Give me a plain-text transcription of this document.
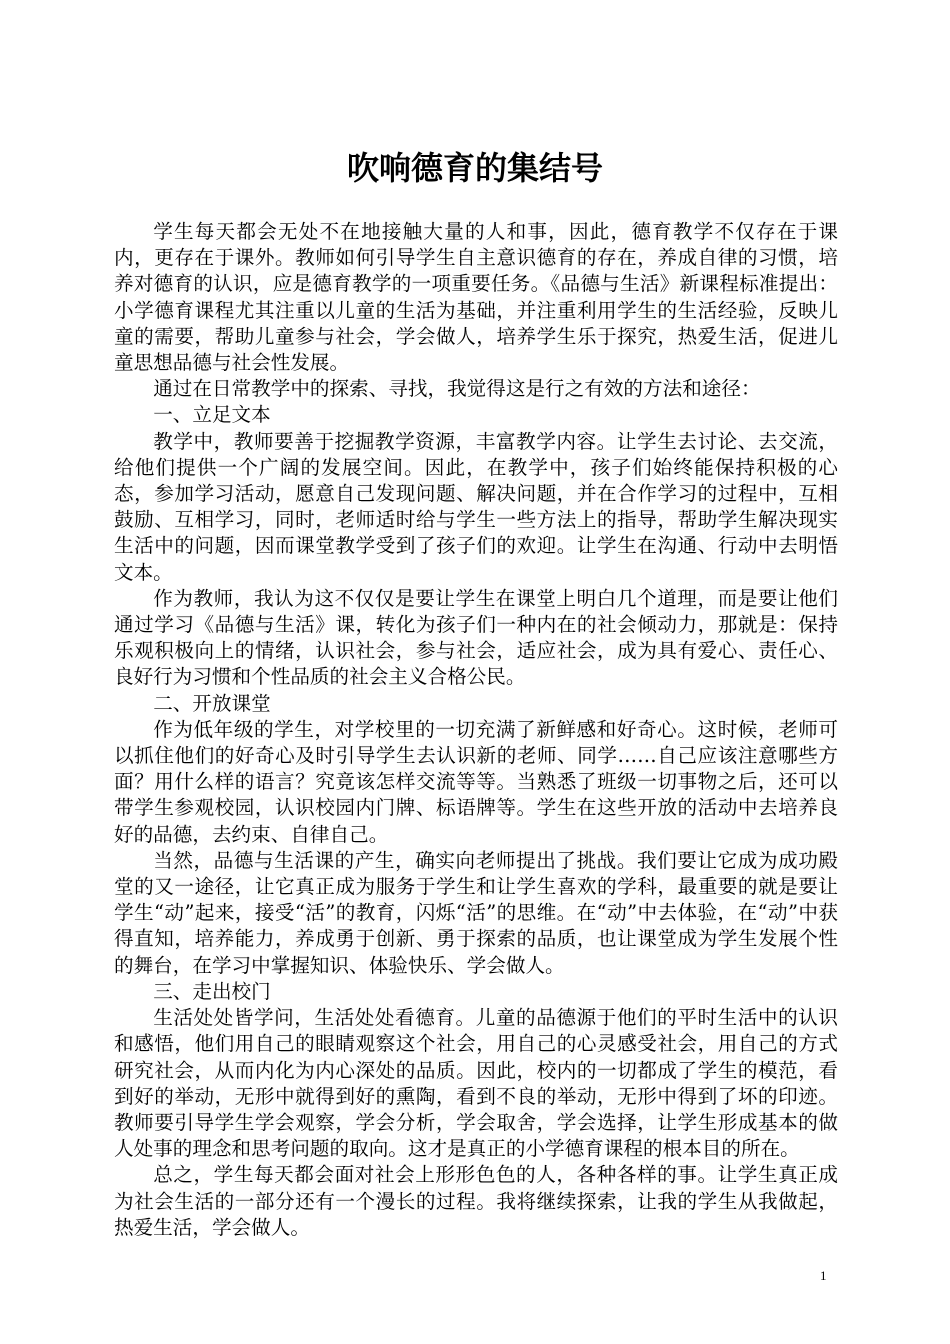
吹响德育的集结号

学生每天都会无处不在地接触大量的人和事，因此，德育教学不仅存在于课内，更存在于课外。教师如何引导学生自主意识德育的存在，养成自律的习惯，培养对德育的认识，应是德育教学的一项重要任务。《品德与生活》新课程标准提出：小学德育课程尤其注重以儿童的生活为基础，并注重利用学生的生活经验，反映儿童的需要，帮助儿童参与社会，学会做人，培养学生乐于探究，热爱生活，促进儿童思想品德与社会性发展。

通过在日常教学中的探索、寻找，我觉得这是行之有效的方法和途径：

一、立足文本

教学中，教师要善于挖掘教学资源，丰富教学内容。让学生去讨论、去交流，给他们提供一个广阔的发展空间。因此，在教学中，孩子们始终能保持积极的心态，参加学习活动，愿意自己发现问题、解决问题，并在合作学习的过程中，互相鼓励、互相学习，同时，老师适时给与学生一些方法上的指导，帮助学生解决现实生活中的问题，因而课堂教学受到了孩子们的欢迎。让学生在沟通、行动中去明悟文本。

作为教师，我认为这不仅仅是要让学生在课堂上明白几个道理，而是要让他们通过学习《品德与生活》课，转化为孩子们一种内在的社会倾动力，那就是：保持乐观积极向上的情绪，认识社会，参与社会，适应社会，成为具有爱心、责任心、良好行为习惯和个性品质的社会主义合格公民。

二、开放课堂

作为低年级的学生，对学校里的一切充满了新鲜感和好奇心。这时候，老师可以抓住他们的好奇心及时引导学生去认识新的老师、同学……自己应该注意哪些方面？用什么样的语言？究竟该怎样交流等等。当熟悉了班级一切事物之后，还可以带学生参观校园，认识校园内门牌、标语牌等。学生在这些开放的活动中去培养良好的品德，去约束、自律自己。

当然，品德与生活课的产生，确实向老师提出了挑战。我们要让它成为成功殿堂的又一途径，让它真正成为服务于学生和让学生喜欢的学科，最重要的就是要让学生“动”起来，接受“活”的教育，闪烁“活”的思维。在“动”中去体验，在“动”中获得直知，培养能力，养成勇于创新、勇于探索的品质，也让课堂成为学生发展个性的舞台，在学习中掌握知识、体验快乐、学会做人。

三、走出校门

生活处处皆学问，生活处处看德育。儿童的品德源于他们的平时生活中的认识和感悟，他们用自己的眼睛观察这个社会，用自己的心灵感受社会，用自己的方式研究社会，从而内化为内心深处的品质。因此，校内的一切都成了学生的模范，看到好的举动，无形中就得到好的熏陶，看到不良的举动，无形中得到了坏的印迹。教师要引导学生学会观察，学会分析，学会取舍，学会选择，让学生形成基本的做人处事的理念和思考问题的取向。这才是真正的小学德育课程的根本目的所在。

总之，学生每天都会面对社会上形形色色的人，各种各样的事。让学生真正成为社会生活的一部分还有一个漫长的过程。我将继续探索，让我的学生从我做起，热爱生活，学会做人。

1
